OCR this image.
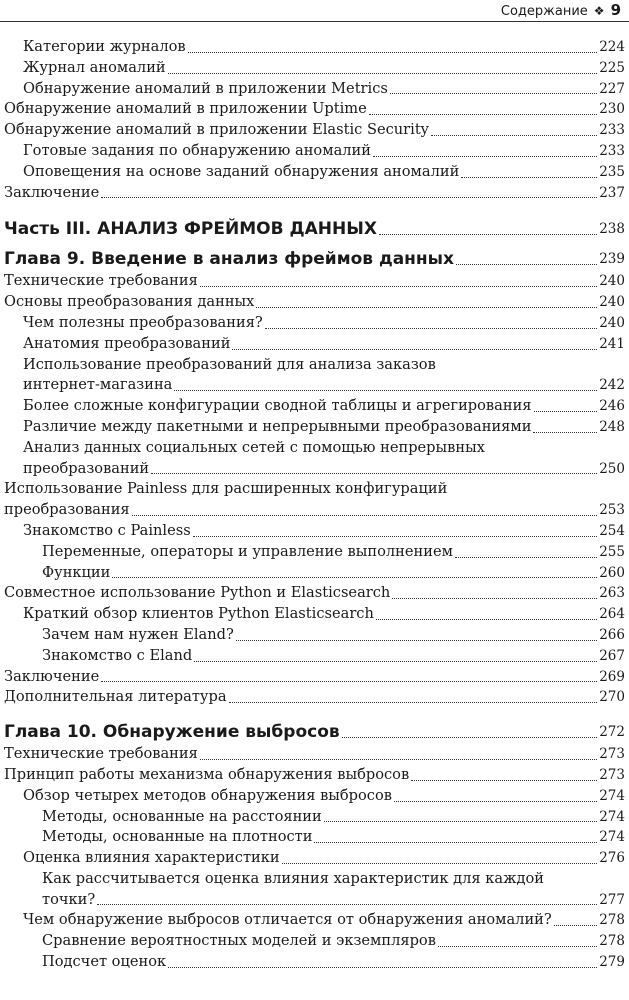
Содержание ❖ 9
Категории журналов	224
Журнал аномалий	225
Обнаружение аномалий в приложении Metrics	227
Обнаружение аномалий в приложении Uptime	230
Обнаружение аномалий в приложении Elastic Security	233
Готовые задания по обнаружению аномалий	233
Оповещения на основе заданий обнаружения аномалий	235
Заключение	237
Часть III. АНАЛИЗ ФРЕЙМОВ ДАННЫХ	238
Глава 9. Введение в анализ фреймов данных	239
Технические требования	240
Основы преобразования данных	240
Чем полезны преобразования?	240
Анатомия преобразований	241
Использование преобразований для анализа заказов
интернет-магазина	242
Более сложные конфигурации сводной таблицы и агрегирования	246
Различие между пакетными и непрерывными преобразованиями	248
Анализ данных социальных сетей с помощью непрерывных
преобразований	250
Использование Painless для расширенных конфигураций
преобразования	253
Знакомство с Painless	254
Переменные, операторы и управление выполнением	255
Функции	260
Совместное использование Python и Elasticsearch	263
Краткий обзор клиентов Python Elasticsearch	264
Зачем нам нужен Eland?	266
Знакомство с Eland	267
Заключение	269
Дополнительная литература	270
Глава 10. Обнаружение выбросов	272
Технические требования	273
Принцип работы механизма обнаружения выбросов	273
Обзор четырех методов обнаружения выбросов	274
Методы, основанные на расстоянии	274
Методы, основанные на плотности	274
Оценка влияния характеристики	276
Как рассчитывается оценка влияния характеристик для каждой
точки?	277
Чем обнаружение выбросов отличается от обнаружения аномалий?	278
Сравнение вероятностных моделей и экземпляров	278
Подсчет оценок	279
